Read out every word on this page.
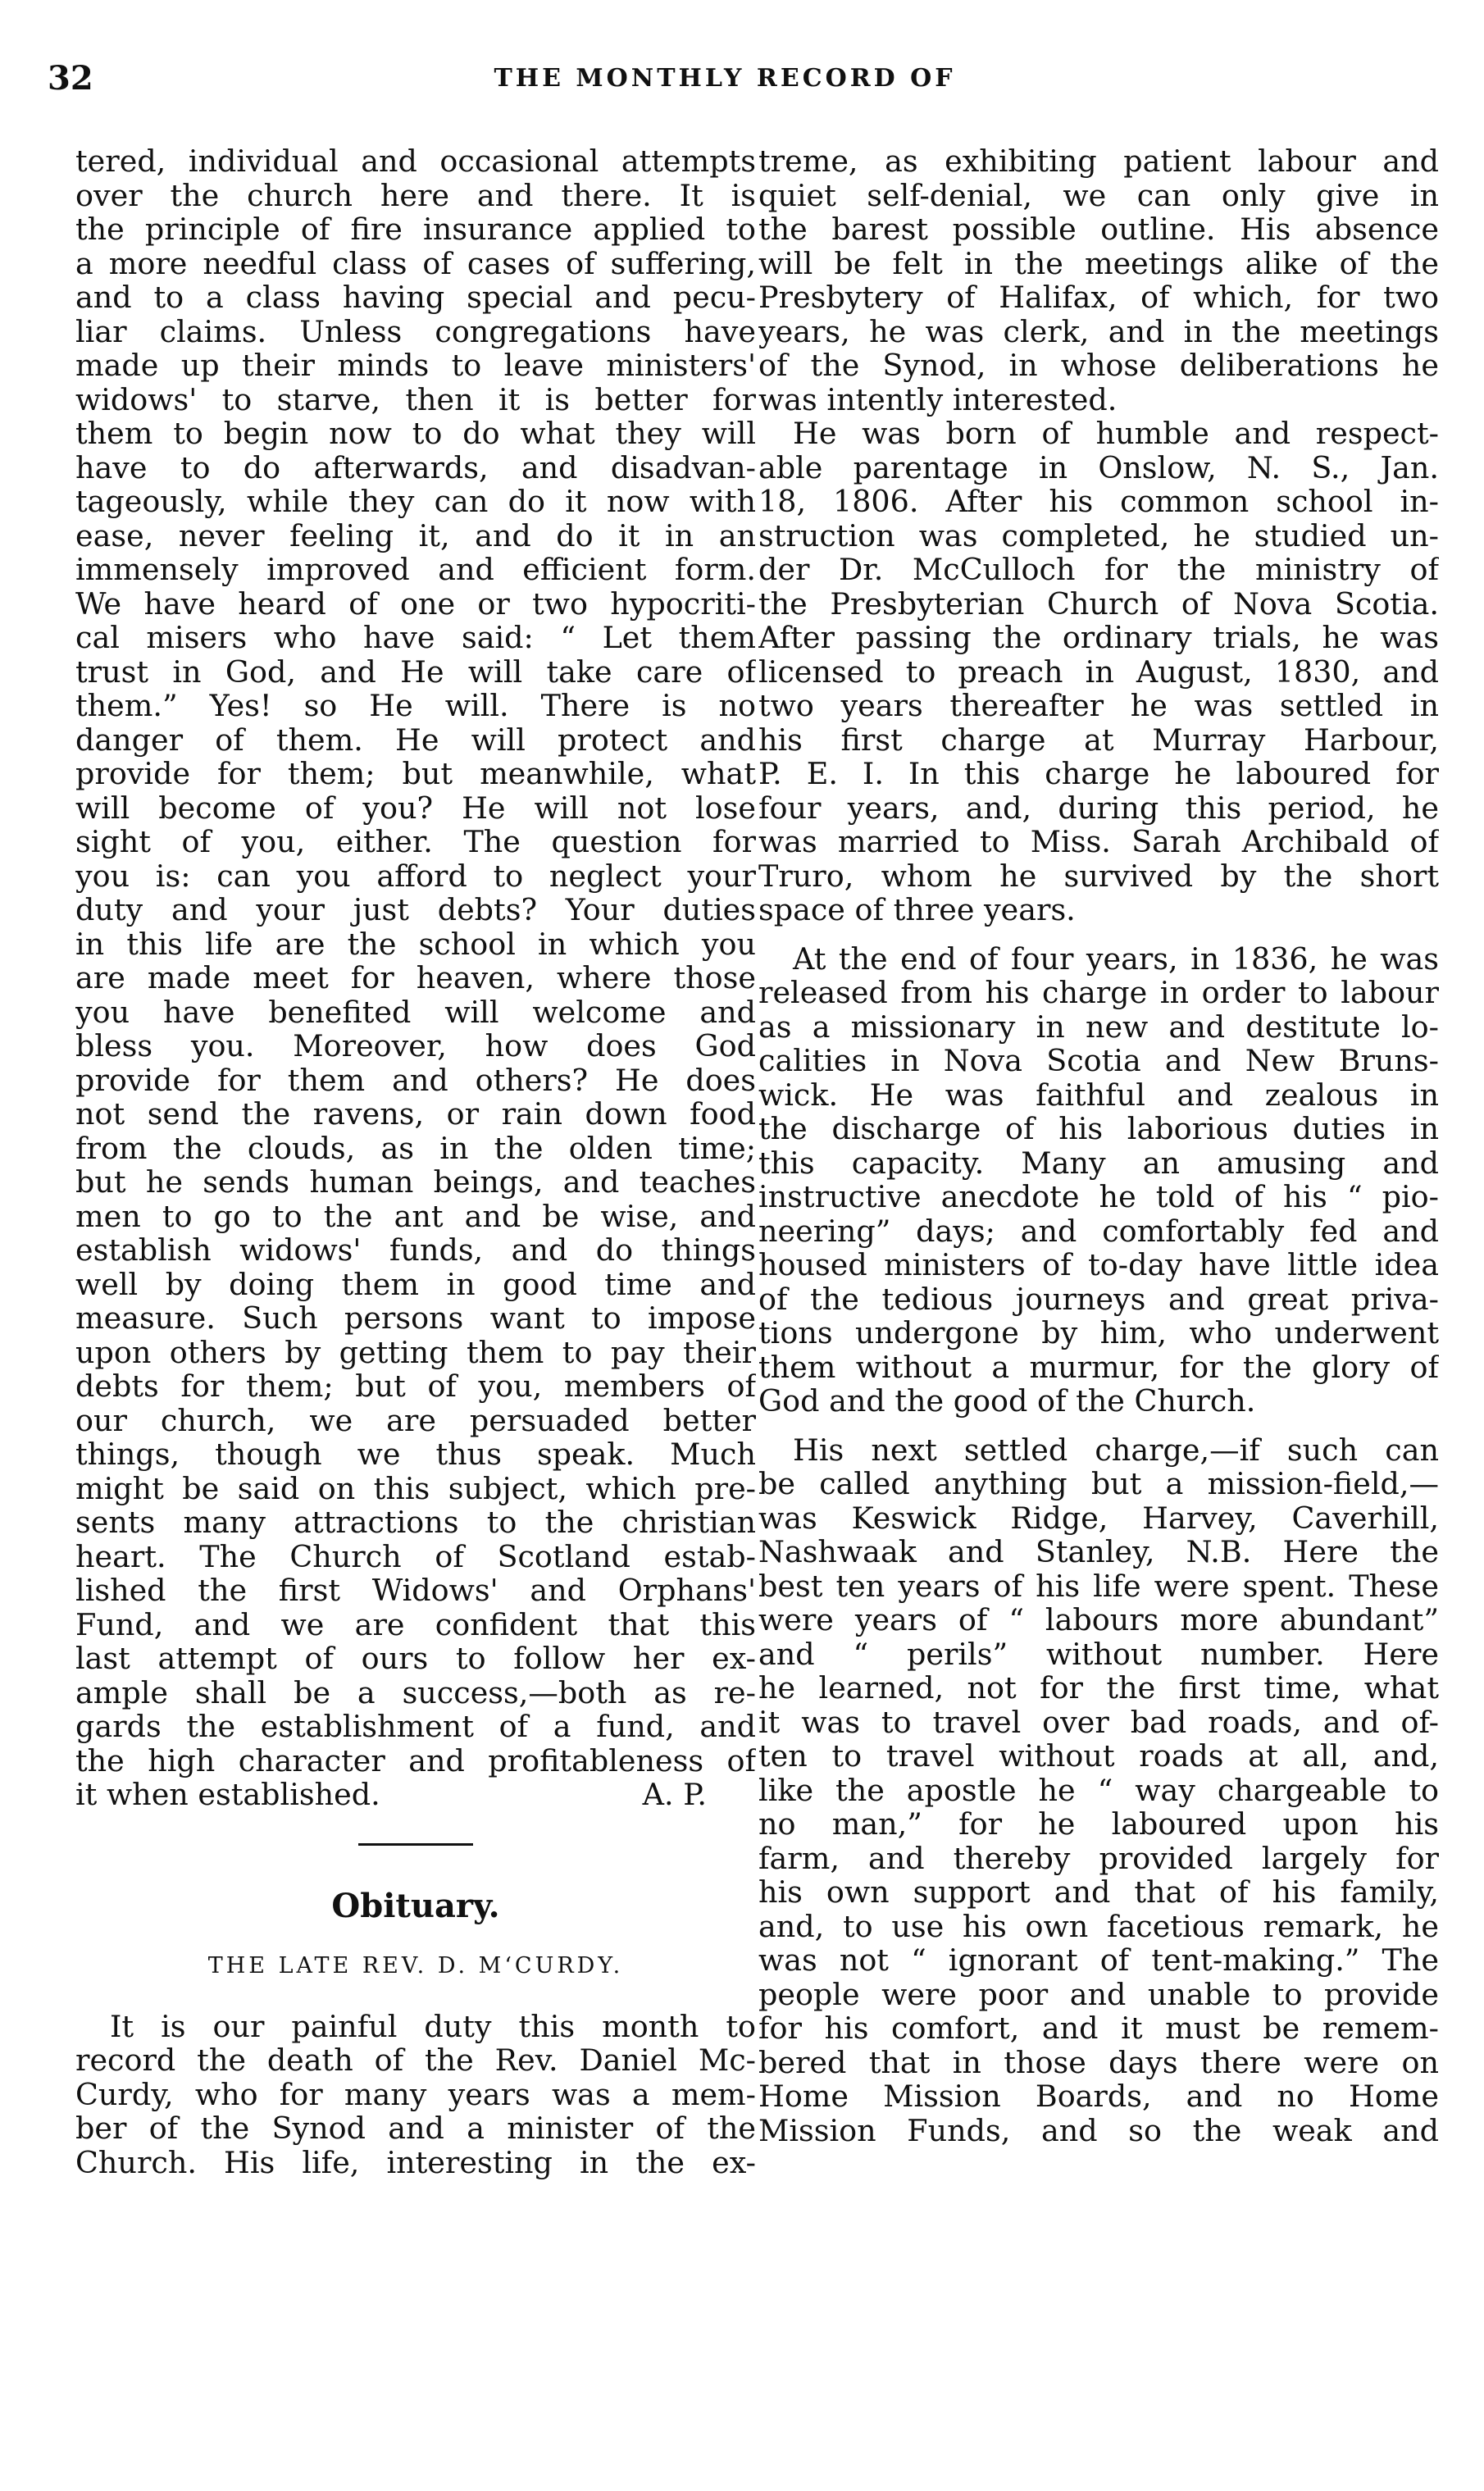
32	THE MONTHLY RECORD OF
tered, individual and occasional attempts
over the church here and there. It is
the principle of fire insurance applied to
a more needful class of cases of suffering,
and to a class having special and pecu-
liar claims. Unless congregations have
made up their minds to leave ministers'
widows' to starve, then it is better for
them to begin now to do what they will
have to do afterwards, and disadvan-
tageously, while they can do it now with
ease, never feeling it, and do it in an
immensely improved and efficient form.
We have heard of one or two hypocriti-
cal misers who have said: “ Let them
trust in God, and He will take care of
them.” Yes! so He will. There is no
danger of them. He will protect and
provide for them; but meanwhile, what
will become of you? He will not lose
sight of you, either. The question for
you is: can you afford to neglect your
duty and your just debts? Your duties
in this life are the school in which you
are made meet for heaven, where those
you have benefited will welcome and
bless you. Moreover, how does God
provide for them and others? He does
not send the ravens, or rain down food
from the clouds, as in the olden time;
but he sends human beings, and teaches
men to go to the ant and be wise, and
establish widows' funds, and do things
well by doing them in good time and
measure. Such persons want to impose
upon others by getting them to pay their
debts for them; but of you, members of
our church, we are persuaded better
things, though we thus speak. Much
might be said on this subject, which pre-
sents many attractions to the christian
heart. The Church of Scotland estab-
lished the first Widows' and Orphans'
Fund, and we are confident that this
last attempt of ours to follow her ex-
ample shall be a success,—both as re-
gards the establishment of a fund, and
the high character and profitableness of
it when established.	A. P.
Obituary.
THE LATE REV. D. M‘CURDY.
It is our painful duty this month to
record the death of the Rev. Daniel Mc-
Curdy, who for many years was a mem-
ber of the Synod and a minister of the
Church. His life, interesting in the ex-
treme, as exhibiting patient labour and
quiet self-denial, we can only give in
the barest possible outline. His absence
will be felt in the meetings alike of the
Presbytery of Halifax, of which, for two
years, he was clerk, and in the meetings
of the Synod, in whose deliberations he
was intently interested.
He was born of humble and respect-
able parentage in Onslow, N. S., Jan.
18, 1806. After his common school in-
struction was completed, he studied un-
der Dr. McCulloch for the ministry of
the Presbyterian Church of Nova Scotia.
After passing the ordinary trials, he was
licensed to preach in August, 1830, and
two years thereafter he was settled in
his first charge at Murray Harbour,
P. E. I. In this charge he laboured for
four years, and, during this period, he
was married to Miss. Sarah Archibald of
Truro, whom he survived by the short
space of three years.
At the end of four years, in 1836, he was
released from his charge in order to labour
as a missionary in new and destitute lo-
calities in Nova Scotia and New Bruns-
wick. He was faithful and zealous in
the discharge of his laborious duties in
this capacity. Many an amusing and
instructive anecdote he told of his “ pio-
neering” days; and comfortably fed and
housed ministers of to-day have little idea
of the tedious journeys and great priva-
tions undergone by him, who underwent
them without a murmur, for the glory of
God and the good of the Church.
His next settled charge,—if such can
be called anything but a mission-field,—
was Keswick Ridge, Harvey, Caverhill,
Nashwaak and Stanley, N.B. Here the
best ten years of his life were spent. These
were years of “ labours more abundant”
and “ perils” without number. Here
he learned, not for the first time, what
it was to travel over bad roads, and of-
ten to travel without roads at all, and,
like the apostle he “ way chargeable to
no man,” for he laboured upon his
farm, and thereby provided largely for
his own support and that of his family,
and, to use his own facetious remark, he
was not “ ignorant of tent-making.” The
people were poor and unable to provide
for his comfort, and it must be remem-
bered that in those days there were on
Home Mission Boards, and no Home
Mission Funds, and so the weak and
